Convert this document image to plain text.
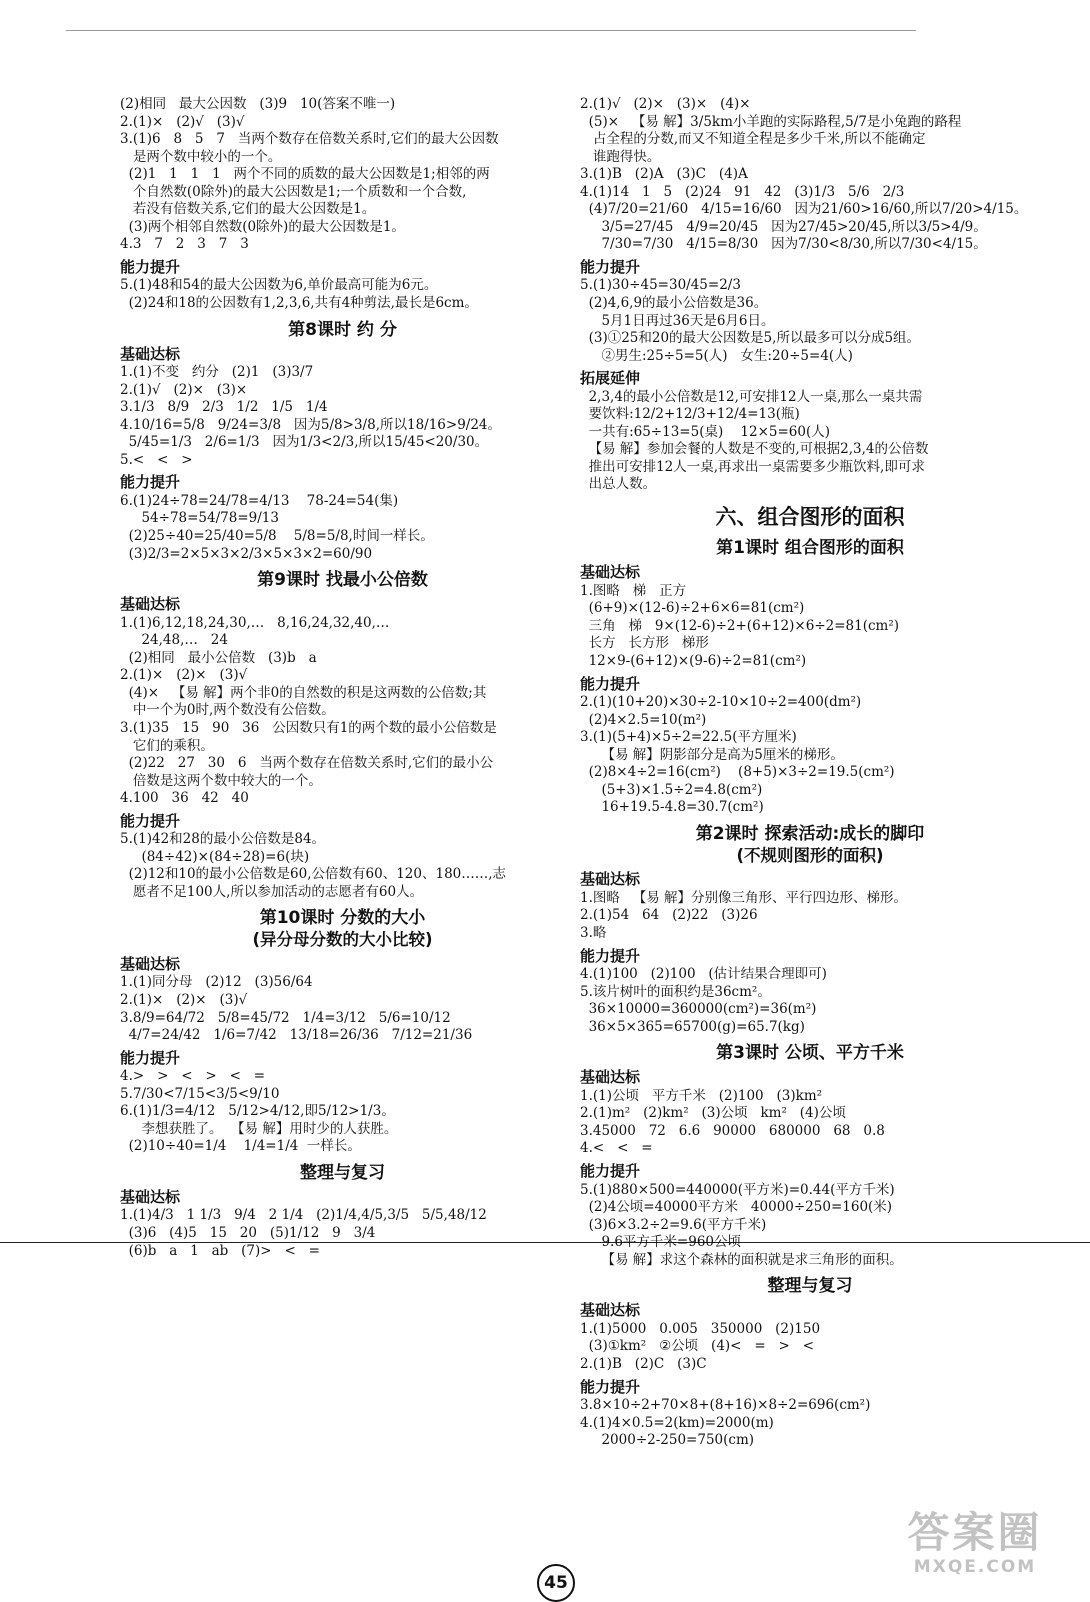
(2)相同   最大公因数   (3)9   10(答案不唯一)
2.(1)×   (2)√   (3)√
3.(1)6   8   5   7   当两个数存在倍数关系时,它们的最大公因数
是两个数中较小的一个。
(2)1   1   1   1   两个不同的质数的最大公因数是1;相邻的两
个自然数(0除外)的最大公因数是1;一个质数和一个合数,
若没有倍数关系,它们的最大公因数是1。
(3)两个相邻自然数(0除外)的最大公因数是1。
4.3   7   2   3   7   3
能力提升
5.(1)48和54的最大公因数为6,单价最高可能为6元。
(2)24和18的公因数有1,2,3,6,共有4种剪法,最长是6cm。
第8课时 约 分
基础达标
1.(1)不变   约分   (2)1   (3)3/7
2.(1)√   (2)×   (3)×
3.1/3   8/9   2/3   1/2   1/5   1/4
4.10/16=5/8   9/24=3/8   因为5/8>3/8,所以18/16>9/24。
5/45=1/3   2/6=1/3   因为1/3<2/3,所以15/45<20/30。
5.<   <   >
能力提升
6.(1)24÷78=24/78=4/13    78-24=54(集)
54÷78=54/78=9/13
(2)25÷40=25/40=5/8    5/8=5/8,时间一样长。
(3)2/3=2×5×3×2/3×5×3×2=60/90
第9课时 找最小公倍数
基础达标
1.(1)6,12,18,24,30,…   8,16,24,32,40,…
24,48,…   24
(2)相同   最小公倍数   (3)b   a
2.(1)×   (2)×   (3)√
(4)×   【易 解】两个非0的自然数的积是这两数的公倍数;其
中一个为0时,两个数没有公倍数。
3.(1)35   15   90   36   公因数只有1的两个数的最小公倍数是
它们的乘积。
(2)22   27   30   6   当两个数存在倍数关系时,它们的最小公
倍数是这两个数中较大的一个。
4.100   36   42   40
能力提升
5.(1)42和28的最小公倍数是84。
(84÷42)×(84÷28)=6(块)
(2)12和10的最小公倍数是60,公倍数有60、120、180……,志
愿者不足100人,所以参加活动的志愿者有60人。
第10课时 分数的大小
(异分母分数的大小比较)
基础达标
1.(1)同分母   (2)12   (3)56/64
2.(1)×   (2)×   (3)√
3.8/9=64/72   5/8=45/72   1/4=3/12   5/6=10/12
4/7=24/42   1/6=7/42   13/18=26/36   7/12=21/36
能力提升
4.>   >   <   >   <   =
5.7/30<7/15<3/5<9/10
6.(1)1/3=4/12   5/12>4/12,即5/12>1/3。
李想获胜了。  【易 解】用时少的人获胜。
(2)10÷40=1/4    1/4=1/4  一样长。
整理与复习
基础达标
1.(1)4/3   1 1/3   9/4   2 1/4   (2)1/4,4/5,3/5   5/5,48/12
(3)6   (4)5   15   20   (5)1/12   9   3/4
(6)b   a   1   ab   (7)>   <   =
2.(1)√   (2)×   (3)×   (4)×
(5)×   【易 解】3/5km小羊跑的实际路程,5/7是小兔跑的路程
占全程的分数,而又不知道全程是多少千米,所以不能确定
谁跑得快。
3.(1)B   (2)A   (3)C   (4)A
4.(1)14   1   5   (2)24   91   42   (3)1/3   5/6   2/3
(4)7/20=21/60   4/15=16/60   因为21/60>16/60,所以7/20>4/15。
3/5=27/45   4/9=20/45   因为27/45>20/45,所以3/5>4/9。
7/30=7/30   4/15=8/30   因为7/30<8/30,所以7/30<4/15。
能力提升
5.(1)30÷45=30/45=2/3
(2)4,6,9的最小公倍数是36。
5月1日再过36天是6月6日。
(3)①25和20的最大公因数是5,所以最多可以分成5组。
②男生:25÷5=5(人)   女生:20÷5=4(人)
拓展延伸
2,3,4的最小公倍数是12,可安排12人一桌,那么一桌共需
要饮料:12/2+12/3+12/4=13(瓶)
一共有:65÷13=5(桌)    12×5=60(人)
【易 解】参加会餐的人数是不变的,可根据2,3,4的公倍数
推出可安排12人一桌,再求出一桌需要多少瓶饮料,即可求
出总人数。
六、组合图形的面积
第1课时 组合图形的面积
基础达标
1.图略   梯   正方
(6+9)×(12-6)÷2+6×6=81(cm²)
三角   梯   9×(12-6)÷2+(6+12)×6÷2=81(cm²)
长方   长方形   梯形
12×9-(6+12)×(9-6)÷2=81(cm²)
能力提升
2.(1)(10+20)×30÷2-10×10÷2=400(dm²)
(2)4×2.5=10(m²)
3.(1)(5+4)×5÷2=22.5(平方厘米)
【易 解】阴影部分是高为5厘米的梯形。
(2)8×4÷2=16(cm²)    (8+5)×3÷2=19.5(cm²)
(5+3)×1.5÷2=4.8(cm²)
16+19.5-4.8=30.7(cm²)
第2课时 探索活动:成长的脚印
(不规则图形的面积)
基础达标
1.图略   【易 解】分别像三角形、平行四边形、梯形。
2.(1)54   64   (2)22   (3)26
3.略
能力提升
4.(1)100   (2)100   (估计结果合理即可)
5.该片树叶的面积约是36cm²。
36×10000=360000(cm²)=36(m²)
36×5×365=65700(g)=65.7(kg)
第3课时 公顷、平方千米
基础达标
1.(1)公顷   平方千米   (2)100   (3)km²
2.(1)m²   (2)km²   (3)公顷   km²   (4)公顷
3.45000   72   6.6   90000   680000   68   0.8
4.<   <   =
能力提升
5.(1)880×500=440000(平方米)=0.44(平方千米)
(2)4公顷=40000平方米   40000÷250=160(米)
(3)6×3.2÷2=9.6(平方千米)
9.6平方千米=960公顷
【易 解】求这个森林的面积就是求三角形的面积。
整理与复习
基础达标
1.(1)5000   0.005   350000   (2)150
(3)①km²   ②公顷   (4)<   =   >   <
2.(1)B   (2)C   (3)C
能力提升
3.8×10÷2+70×8+(8+16)×8÷2=696(cm²)
4.(1)4×0.5=2(km)=2000(m)
2000÷2-250=750(cm)
45
答案圈
MXQE.COM
